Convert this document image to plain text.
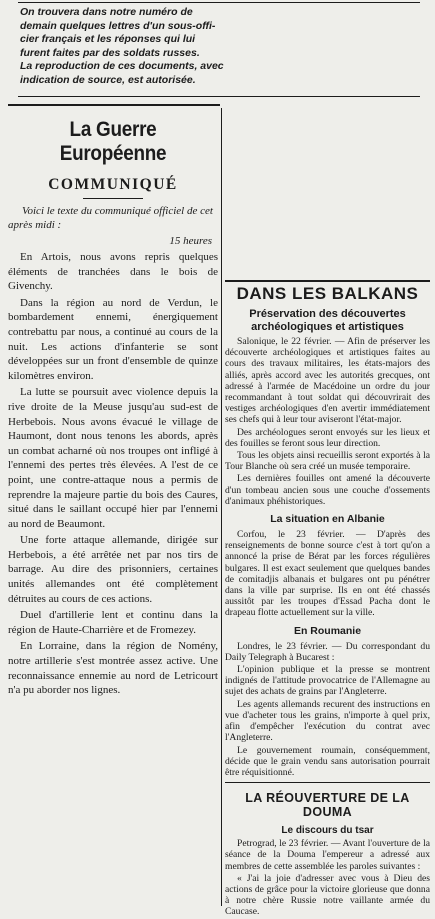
On trouvera dans notre numéro de

demain quelques lettres d'un sous-offi-

cier français et les réponses qui lui

furent faites par des soldats russes.

La reproduction de ces documents, avec

indication de source, est autorisée.

La Guerre Européenne
COMMUNIQUÉ

Voici le texte du communiqué officiel de cet après midi :

15 heures

En Artois, nous avons repris quelques éléments de tranchées dans le bois de Givenchy.

Dans la région au nord de Verdun, le bombardement ennemi, énergiquement contrebattu par nous, a continué au cours de la nuit. Les actions d'infanterie se sont développées sur un front d'ensemble de quinze kilomètres environ.

La lutte se poursuit avec violence depuis la rive droite de la Meuse jusqu'au sud-est de Herbebois. Nous avons évacué le village de Haumont, dont nous tenons les abords, après un combat acharné où nos troupes ont infligé à l'ennemi des pertes très élevées. A l'est de ce point, une contre-attaque nous a permis de reprendre la majeure partie du bois des Caures, situé dans le saillant occupé hier par l'ennemi au nord de Beaumont.

Une forte attaque allemande, dirigée sur Herbebois, a été arrêtée net par nos tirs de barrage. Au dire des prisonniers, certaines unités allemandes ont été complètement détruites au cours de ces actions.

Duel d'artillerie lent et continu dans la région de Haute-Charrière et de Fromezey.

En Lorraine, dans la région de Nomény, notre artillerie s'est montrée assez active. Une reconnaissance ennemie au nord de Letricourt n'a pu aborder nos lignes.

DANS LES BALKANS
Préservation des découvertes archéologiques et artistiques

Salonique, le 22 février. — Afin de préserver les découverte archéologiques et artistiques faites au cours des travaux militaires, les états-majors des alliés, après accord avec les autorités grecques, ont adressé à l'armée de Macédoine un ordre du jour recommandant à tout soldat qui découvrirait des vestiges archéologiques d'en avertir immédiatement ses chefs qui à leur tour aviseront l'état-major.

Des archéologues seront envoyés sur les lieux et des fouilles se feront sous leur direction.

Tous les objets ainsi recueillis seront exportés à la Tour Blanche où sera créé un musée temporaire.

Les dernières fouilles ont amené la découverte d'un tombeau ancien sous une couche d'ossements d'animaux phéhistoriques.

La situation en Albanie

Corfou, le 23 février. — D'après des renseignements de bonne source c'est à tort qu'on a annoncé la prise de Bérat par les forces régulières bulgares. Il est exact seulement que quelques bandes de comitadjis albanais et bulgares ont pu pénétrer dans la ville par surprise. Ils en ont été chassés aussitôt par les troupes d'Essad Pacha dont le drapeau flotte actuellement sur la ville.

En Roumanie

Londres, le 23 février. — Du correspondant du Daily Telegraph à Bucarest :

L'opinion publique et la presse se montrent indignés de l'attitude provocatrice de l'Allemagne au sujet des achats de grains par l'Angleterre.

Les agents allemands recurent des instructions en vue d'acheter tous les grains, n'importe à quel prix, afin d'empêcher l'exécution du contrat avec l'Angleterre.

Le gouvernement roumain, conséquemment, décide que le grain vendu sans autorisation pourrait être réquisitionné.

LA RÉOUVERTURE DE LA DOUMA
Le discours du tsar

Petrograd, le 23 février. — Avant l'ouverture de la séance de la Douma l'empereur a adressé aux membres de cette assemblée les paroles suivantes :

« J'ai la joie d'adresser avec vous à Dieu des actions de grâce pour la victoire glorieuse que donna à notre chère Russie notre vaillante armée du Caucase.
